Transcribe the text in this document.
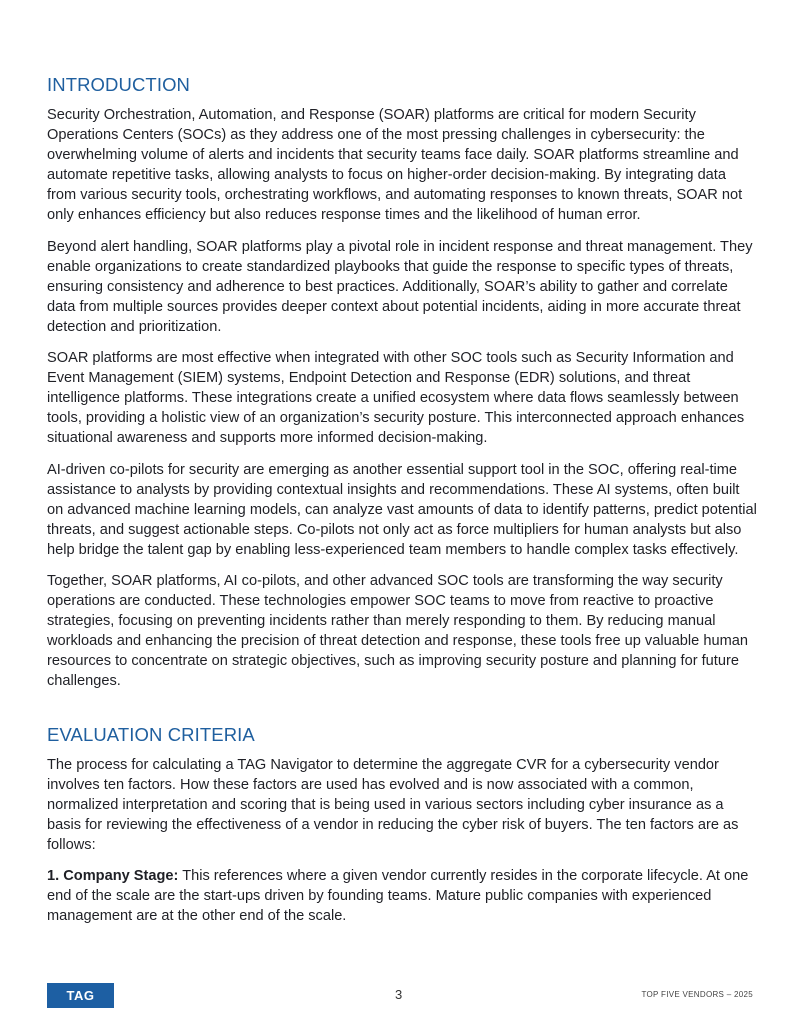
INTRODUCTION

Security Orchestration, Automation, and Response (SOAR) platforms are critical for modern Security Operations Centers (SOCs) as they address one of the most pressing challenges in cybersecurity: the overwhelming volume of alerts and incidents that security teams face daily. SOAR platforms streamline and automate repetitive tasks, allowing analysts to focus on higher-order decision-making. By integrating data from various security tools, orchestrating workflows, and automating responses to known threats, SOAR not only enhances efficiency but also reduces response times and the likelihood of human error.

Beyond alert handling, SOAR platforms play a pivotal role in incident response and threat management. They enable organizations to create standardized playbooks that guide the response to specific types of threats, ensuring consistency and adherence to best practices. Additionally, SOAR’s ability to gather and correlate data from multiple sources provides deeper context about potential incidents, aiding in more accurate threat detection and prioritization.

SOAR platforms are most effective when integrated with other SOC tools such as Security Information and Event Management (SIEM) systems, Endpoint Detection and Response (EDR) solutions, and threat intelligence platforms. These integrations create a unified ecosystem where data flows seamlessly between tools, providing a holistic view of an organization’s security posture. This interconnected approach enhances situational awareness and supports more informed decision-making.

AI-driven co-pilots for security are emerging as another essential support tool in the SOC, offering real-time assistance to analysts by providing contextual insights and recommendations. These AI systems, often built on advanced machine learning models, can analyze vast amounts of data to identify patterns, predict potential threats, and suggest actionable steps. Co-pilots not only act as force multipliers for human analysts but also help bridge the talent gap by enabling less-experienced team members to handle complex tasks effectively.

Together, SOAR platforms, AI co-pilots, and other advanced SOC tools are transforming the way security operations are conducted. These technologies empower SOC teams to move from reactive to proactive strategies, focusing on preventing incidents rather than merely responding to them. By reducing manual workloads and enhancing the precision of threat detection and response, these tools free up valuable human resources to concentrate on strategic objectives, such as improving security posture and planning for future challenges.

EVALUATION CRITERIA

The process for calculating a TAG Navigator to determine the aggregate CVR for a cybersecurity vendor involves ten factors. How these factors are used has evolved and is now associated with a common, normalized interpretation and scoring that is being used in various sectors including cyber insurance as a basis for reviewing the effectiveness of a vendor in reducing the cyber risk of buyers. The ten factors are as follows:

1. Company Stage: This references where a given vendor currently resides in the corporate lifecycle. At one end of the scale are the start-ups driven by founding teams. Mature public companies with experienced management are at the other end of the scale.
TAG	3	TOP FIVE VENDORS – 2025
